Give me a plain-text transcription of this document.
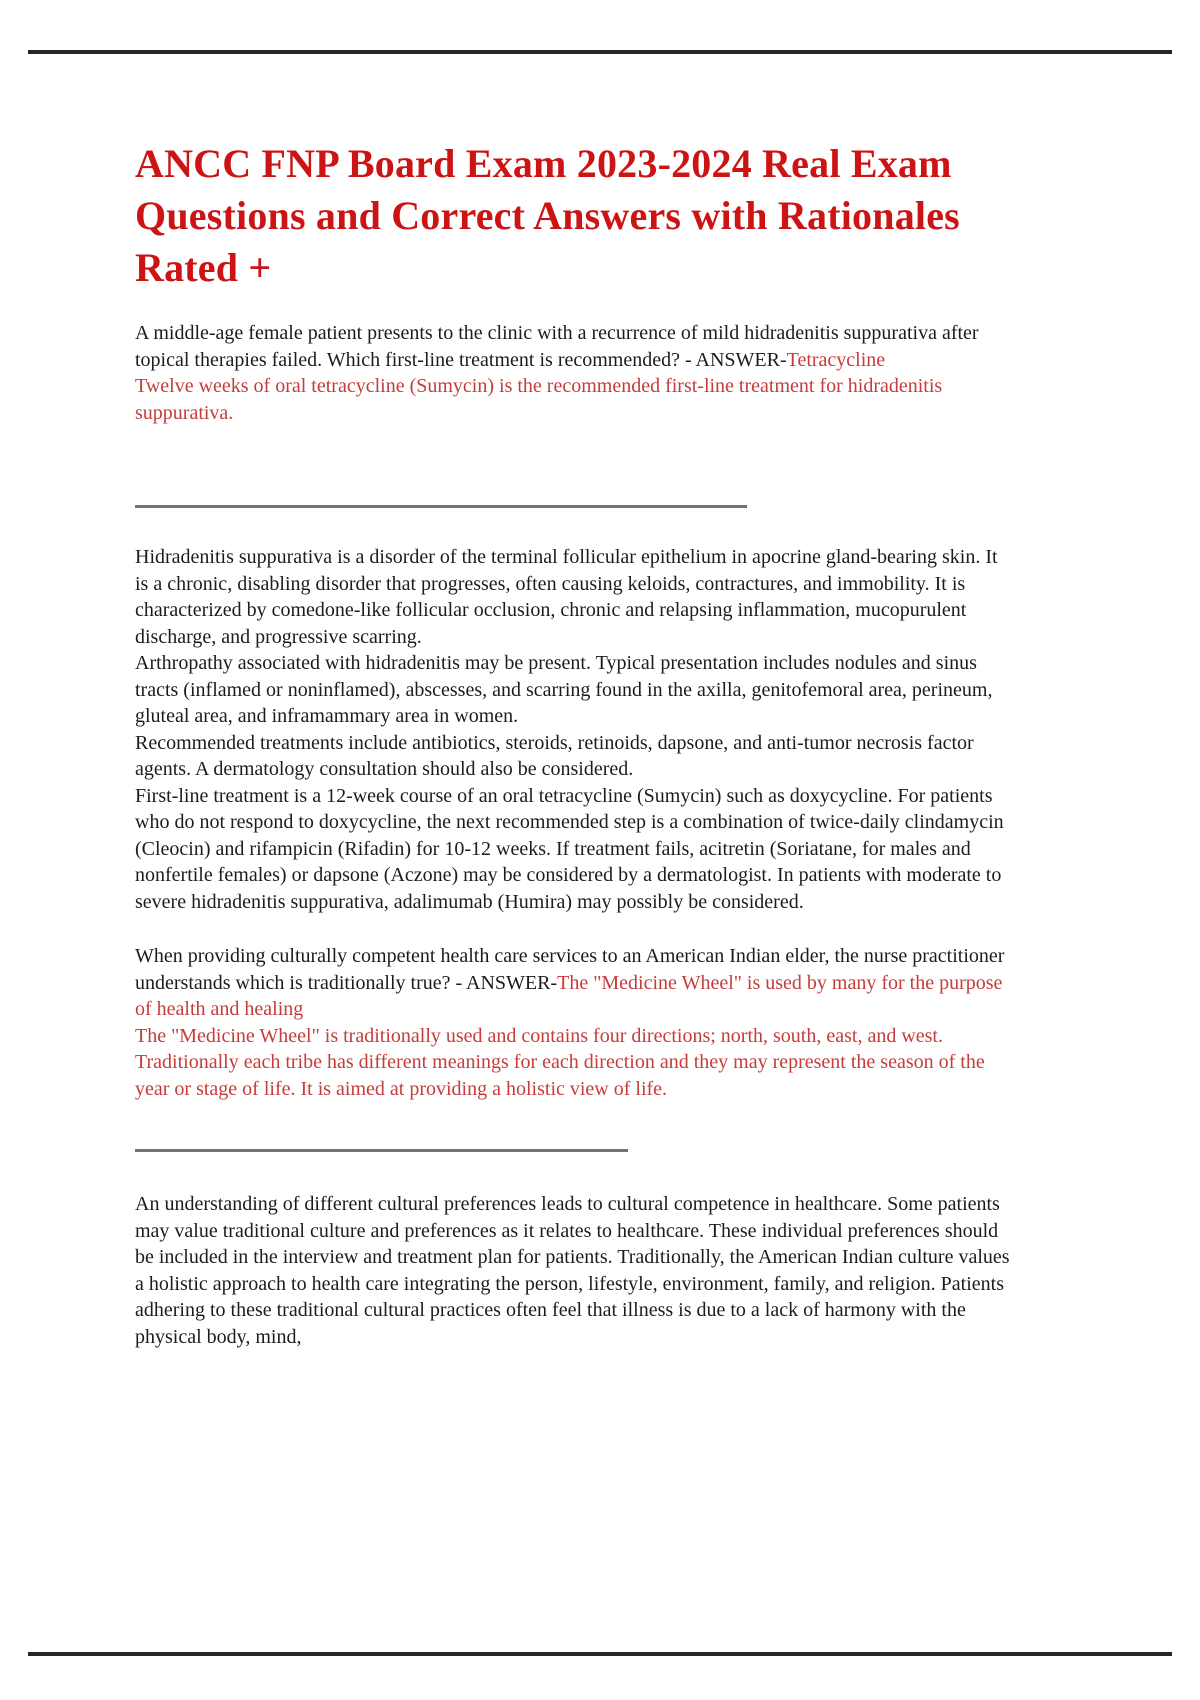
ANCC FNP Board Exam 2023-2024 Real Exam Questions and Correct Answers with Rationales Rated +

A middle-age female patient presents to the clinic with a recurrence of mild hidradenitis suppurativa after topical therapies failed. Which first-line treatment is recommended? - ANSWER-Tetracycline
Twelve weeks of oral tetracycline (Sumycin) is the recommended first-line treatment for hidradenitis suppurativa.

Hidradenitis suppurativa is a disorder of the terminal follicular epithelium in apocrine gland-bearing skin. It is a chronic, disabling disorder that progresses, often causing keloids, contractures, and immobility. It is characterized by comedone-like follicular occlusion, chronic and relapsing inflammation, mucopurulent discharge, and progressive scarring.
Arthropathy associated with hidradenitis may be present. Typical presentation includes nodules and sinus tracts (inflamed or noninflamed), abscesses, and scarring found in the axilla, genitofemoral area, perineum, gluteal area, and inframammary area in women.
Recommended treatments include antibiotics, steroids, retinoids, dapsone, and anti-tumor necrosis factor agents. A dermatology consultation should also be considered.
First-line treatment is a 12-week course of an oral tetracycline (Sumycin) such as doxycycline. For patients who do not respond to doxycycline, the next recommended step is a combination of twice-daily clindamycin (Cleocin) and rifampicin (Rifadin) for 10-12 weeks. If treatment fails, acitretin (Soriatane, for males and nonfertile females) or dapsone (Aczone) may be considered by a dermatologist. In patients with moderate to severe hidradenitis suppurativa, adalimumab (Humira) may possibly be considered.

When providing culturally competent health care services to an American Indian elder, the nurse practitioner understands which is traditionally true? - ANSWER-The "Medicine Wheel" is used by many for the purpose of health and healing
The "Medicine Wheel" is traditionally used and contains four directions; north, south, east, and west. Traditionally each tribe has different meanings for each direction and they may represent the season of the year or stage of life. It is aimed at providing a holistic view of life.

An understanding of different cultural preferences leads to cultural competence in healthcare. Some patients may value traditional culture and preferences as it relates to healthcare. These individual preferences should be included in the interview and treatment plan for patients. Traditionally, the American Indian culture values a holistic approach to health care integrating the person, lifestyle, environment, family, and religion. Patients adhering to these traditional cultural practices often feel that illness is due to a lack of harmony with the physical body, mind,
